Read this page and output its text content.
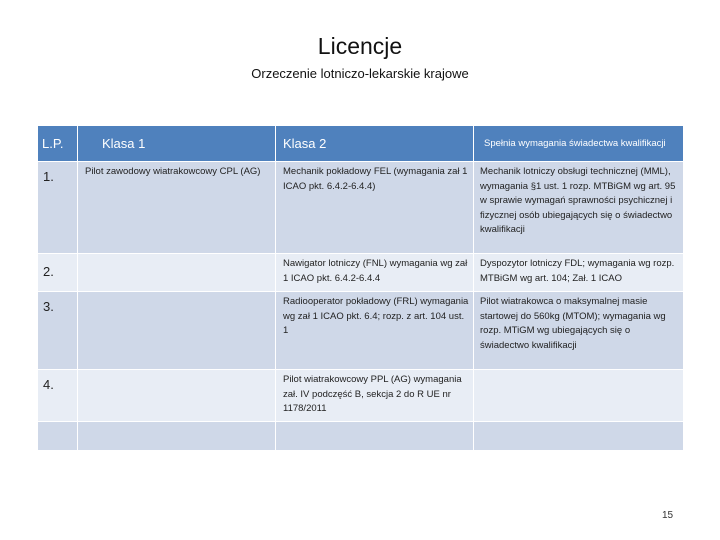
Licencje
Orzeczenie lotniczo-lekarskie krajowe
L.P.	Klasa 1	Klasa 2	Spełnia wymagania świadectwa kwalifikacji
1.	Pilot zawodowy wiatrakowcowy CPL (AG)	Mechanik pokładowy FEL (wymagania zał 1 ICAO pkt. 6.4.2-6.4.4)	Mechanik lotniczy obsługi technicznej (MML), wymagania §1 ust. 1 rozp. MTBiGM wg art. 95 w sprawie wymagań sprawności psychicznej i fizycznej osób ubiegających się o świadectwo kwalifikacji
2.		Nawigator lotniczy (FNL) wymagania wg zał 1 ICAO pkt. 6.4.2-6.4.4	Dyspozytor lotniczy FDL; wymagania wg rozp. MTBiGM wg art. 104; Zał. 1 ICAO
3.		Radiooperator pokładowy (FRL) wymagania wg zał 1 ICAO pkt. 6.4; rozp. z art. 104 ust. 1	Pilot wiatrakowca o maksymalnej masie startowej do 560kg (MTOM); wymagania wg rozp. MTiGM wg ubiegających się o świadectwo kwalifikacji
4.		Pilot wiatrakowcowy PPL (AG) wymagania zał. IV podczęść B, sekcja 2 do R UE nr 1178/2011	

15
